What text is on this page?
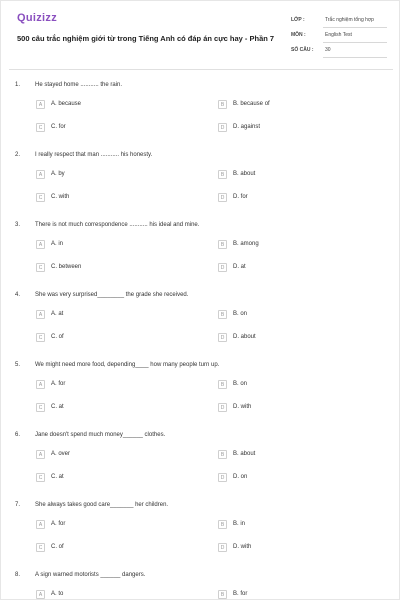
Quizizz
500 câu trắc nghiệm giới từ trong Tiếng Anh có đáp án cực hay - Phần 7
LỚP :	Trắc nghiệm tổng hợp
MÔN :	English Test
SỐ CÂU : 30
1. He stayed home ........... the rain.
A	A. because	B	B. because of
C	C. for	D	D. against
2. I really respect that man ........... his honesty.
A	A. by	B	B. about
C	C. with	D	D. for
3. There is not much correspondence ........... his ideal and mine.
A	A. in	B	B. among
C	C. between	D	D. at
4. She was very surprised________ the grade she received.
A	A. at	B	B. on
C	C. of	D	D. about
5. We might need more food, depending____ how many people turn up.
A	A. for	B	B. on
C	C. at	D	D. with
6. Jane doesn't spend much money______ clothes.
A	A. over	B	B. about
C	C. at	D	D. on
7. She always takes good care_______ her children.
A	A. for	B	B. in
C	C. of	D	D. with
8. A sign warned motorists ______ dangers.
A	A. to	B	B. for
